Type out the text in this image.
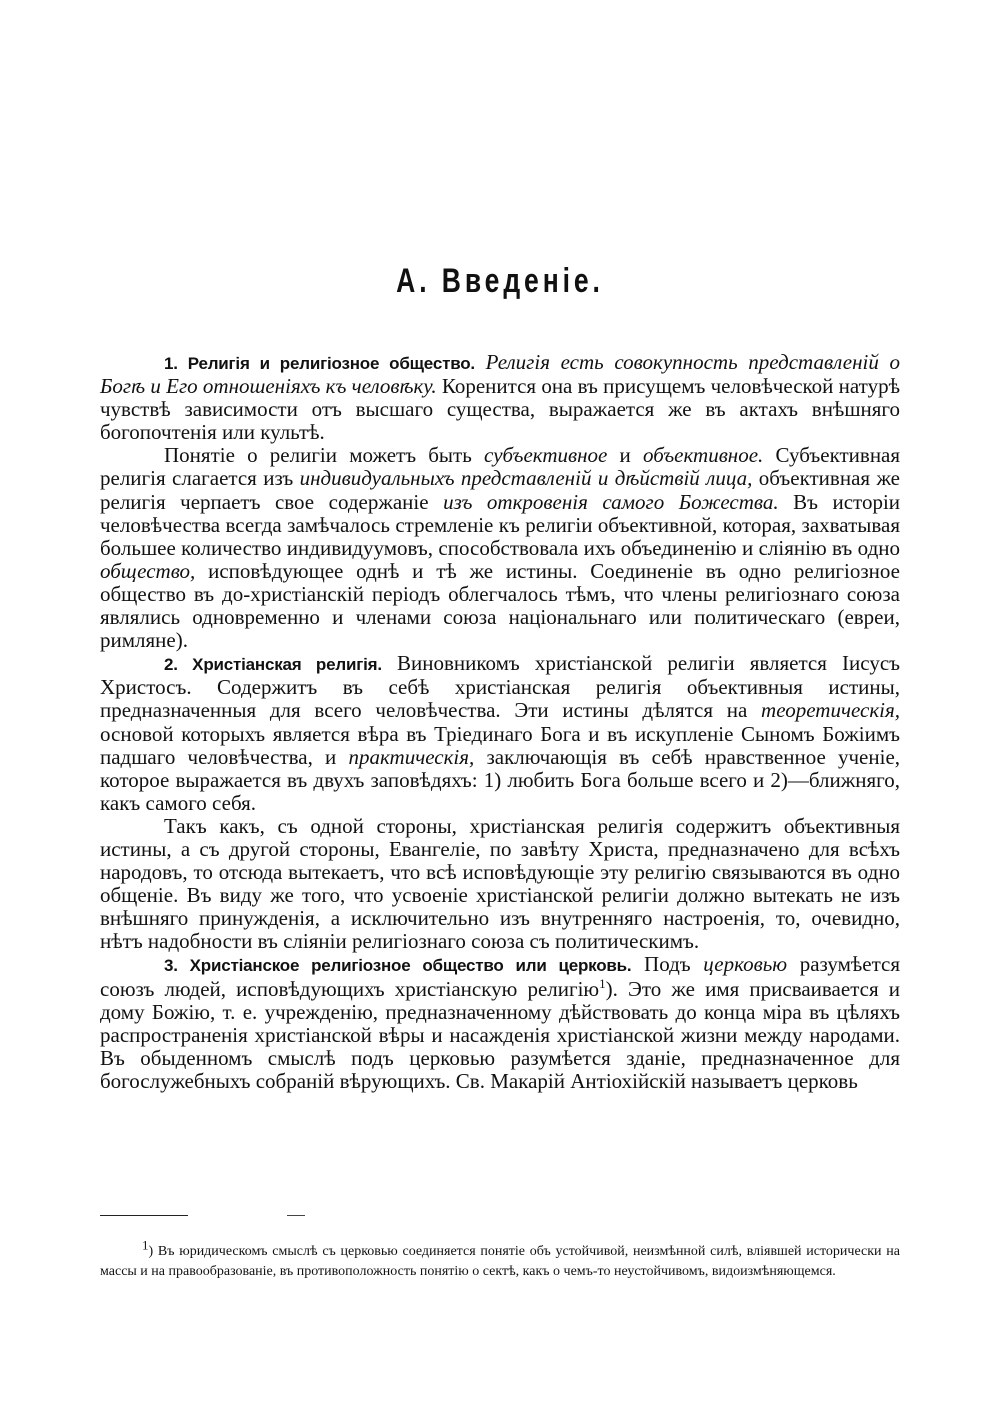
А. Введеніе.

1. Религія и религіозное общество. Религія есть совокупность представленій о Богѣ и Его отношеніяхъ къ человѣку. Коренится она въ присущемъ человѣческой натурѣ чувствѣ зависимости отъ высшаго существа, выражается же въ актахъ внѣшняго богопочтенія или культѣ.

Понятіе о религіи можетъ быть субъективное и объективное. Субъективная религія слагается изъ индивидуальныхъ представленій и дѣйствій лица, объективная же религія черпаетъ свое содержаніе изъ откровенія самого Божества. Въ исторіи человѣчества всегда замѣчалось стремленіе къ религіи объективной, которая, захватывая большее количество индивидуумовъ, способствовала ихъ объединенію и сліянію въ одно общество, исповѣдующее однѣ и тѣ же истины. Соединеніе въ одно религіозное общество въ до-христіанскій періодъ облегчалось тѣмъ, что члены религіознаго союза являлись одновременно и членами союза національнаго или политическаго (евреи, римляне).

2. Христіанская религія. Виновникомъ христіанской религіи является Іисусъ Христосъ. Содержитъ въ себѣ христіанская религія объективныя истины, предназначенныя для всего человѣчества. Эти истины дѣлятся на теоретическія, основой которыхъ является вѣра въ Тріединаго Бога и въ искупленіе Сыномъ Божіимъ падшаго человѣчества, и практическія, заключающія въ себѣ нравственное ученіе, которое выражается въ двухъ заповѣдяхъ: 1) любить Бога больше всего и 2)—ближняго, какъ самого себя.

Такъ какъ, съ одной стороны, христіанская религія содержитъ объективныя истины, а съ другой стороны, Евангеліе, по завѣту Христа, предназначено для всѣхъ народовъ, то отсюда вытекаетъ, что всѣ исповѣдующіе эту религію связываются въ одно общеніе. Въ виду же того, что усвоеніе христіанской религіи должно вытекать не изъ внѣшняго принужденія, а исключительно изъ внутренняго настроенія, то, очевидно, нѣтъ надобности въ сліяніи религіознаго союза съ политическимъ.

3. Христіанское религіозное общество или церковь. Подъ церковью разумѣется союзъ людей, исповѣдующихъ христіанскую религію$^1$). Это же имя присваивается и дому Божію, т. е. учрежденію, предназначенному дѣйствовать до конца міра въ цѣляхъ распространенія христіанской вѣры и насажденія христіанской жизни между народами. Въ обыденномъ смыслѣ подъ церковью разумѣется зданіе, предназначенное для богослужебныхъ собраній вѣрующихъ. Св. Макарій Антіохійскій называетъ церковь

1) Въ юридическомъ смыслѣ съ церковью соединяется понятіе объ устойчивой, неизмѣнной силѣ, вліявшей исторически на массы и на правообразованіе, въ противоположность понятію о сектѣ, какъ о чемъ-то неустойчивомъ, видоизмѣняющемся.
